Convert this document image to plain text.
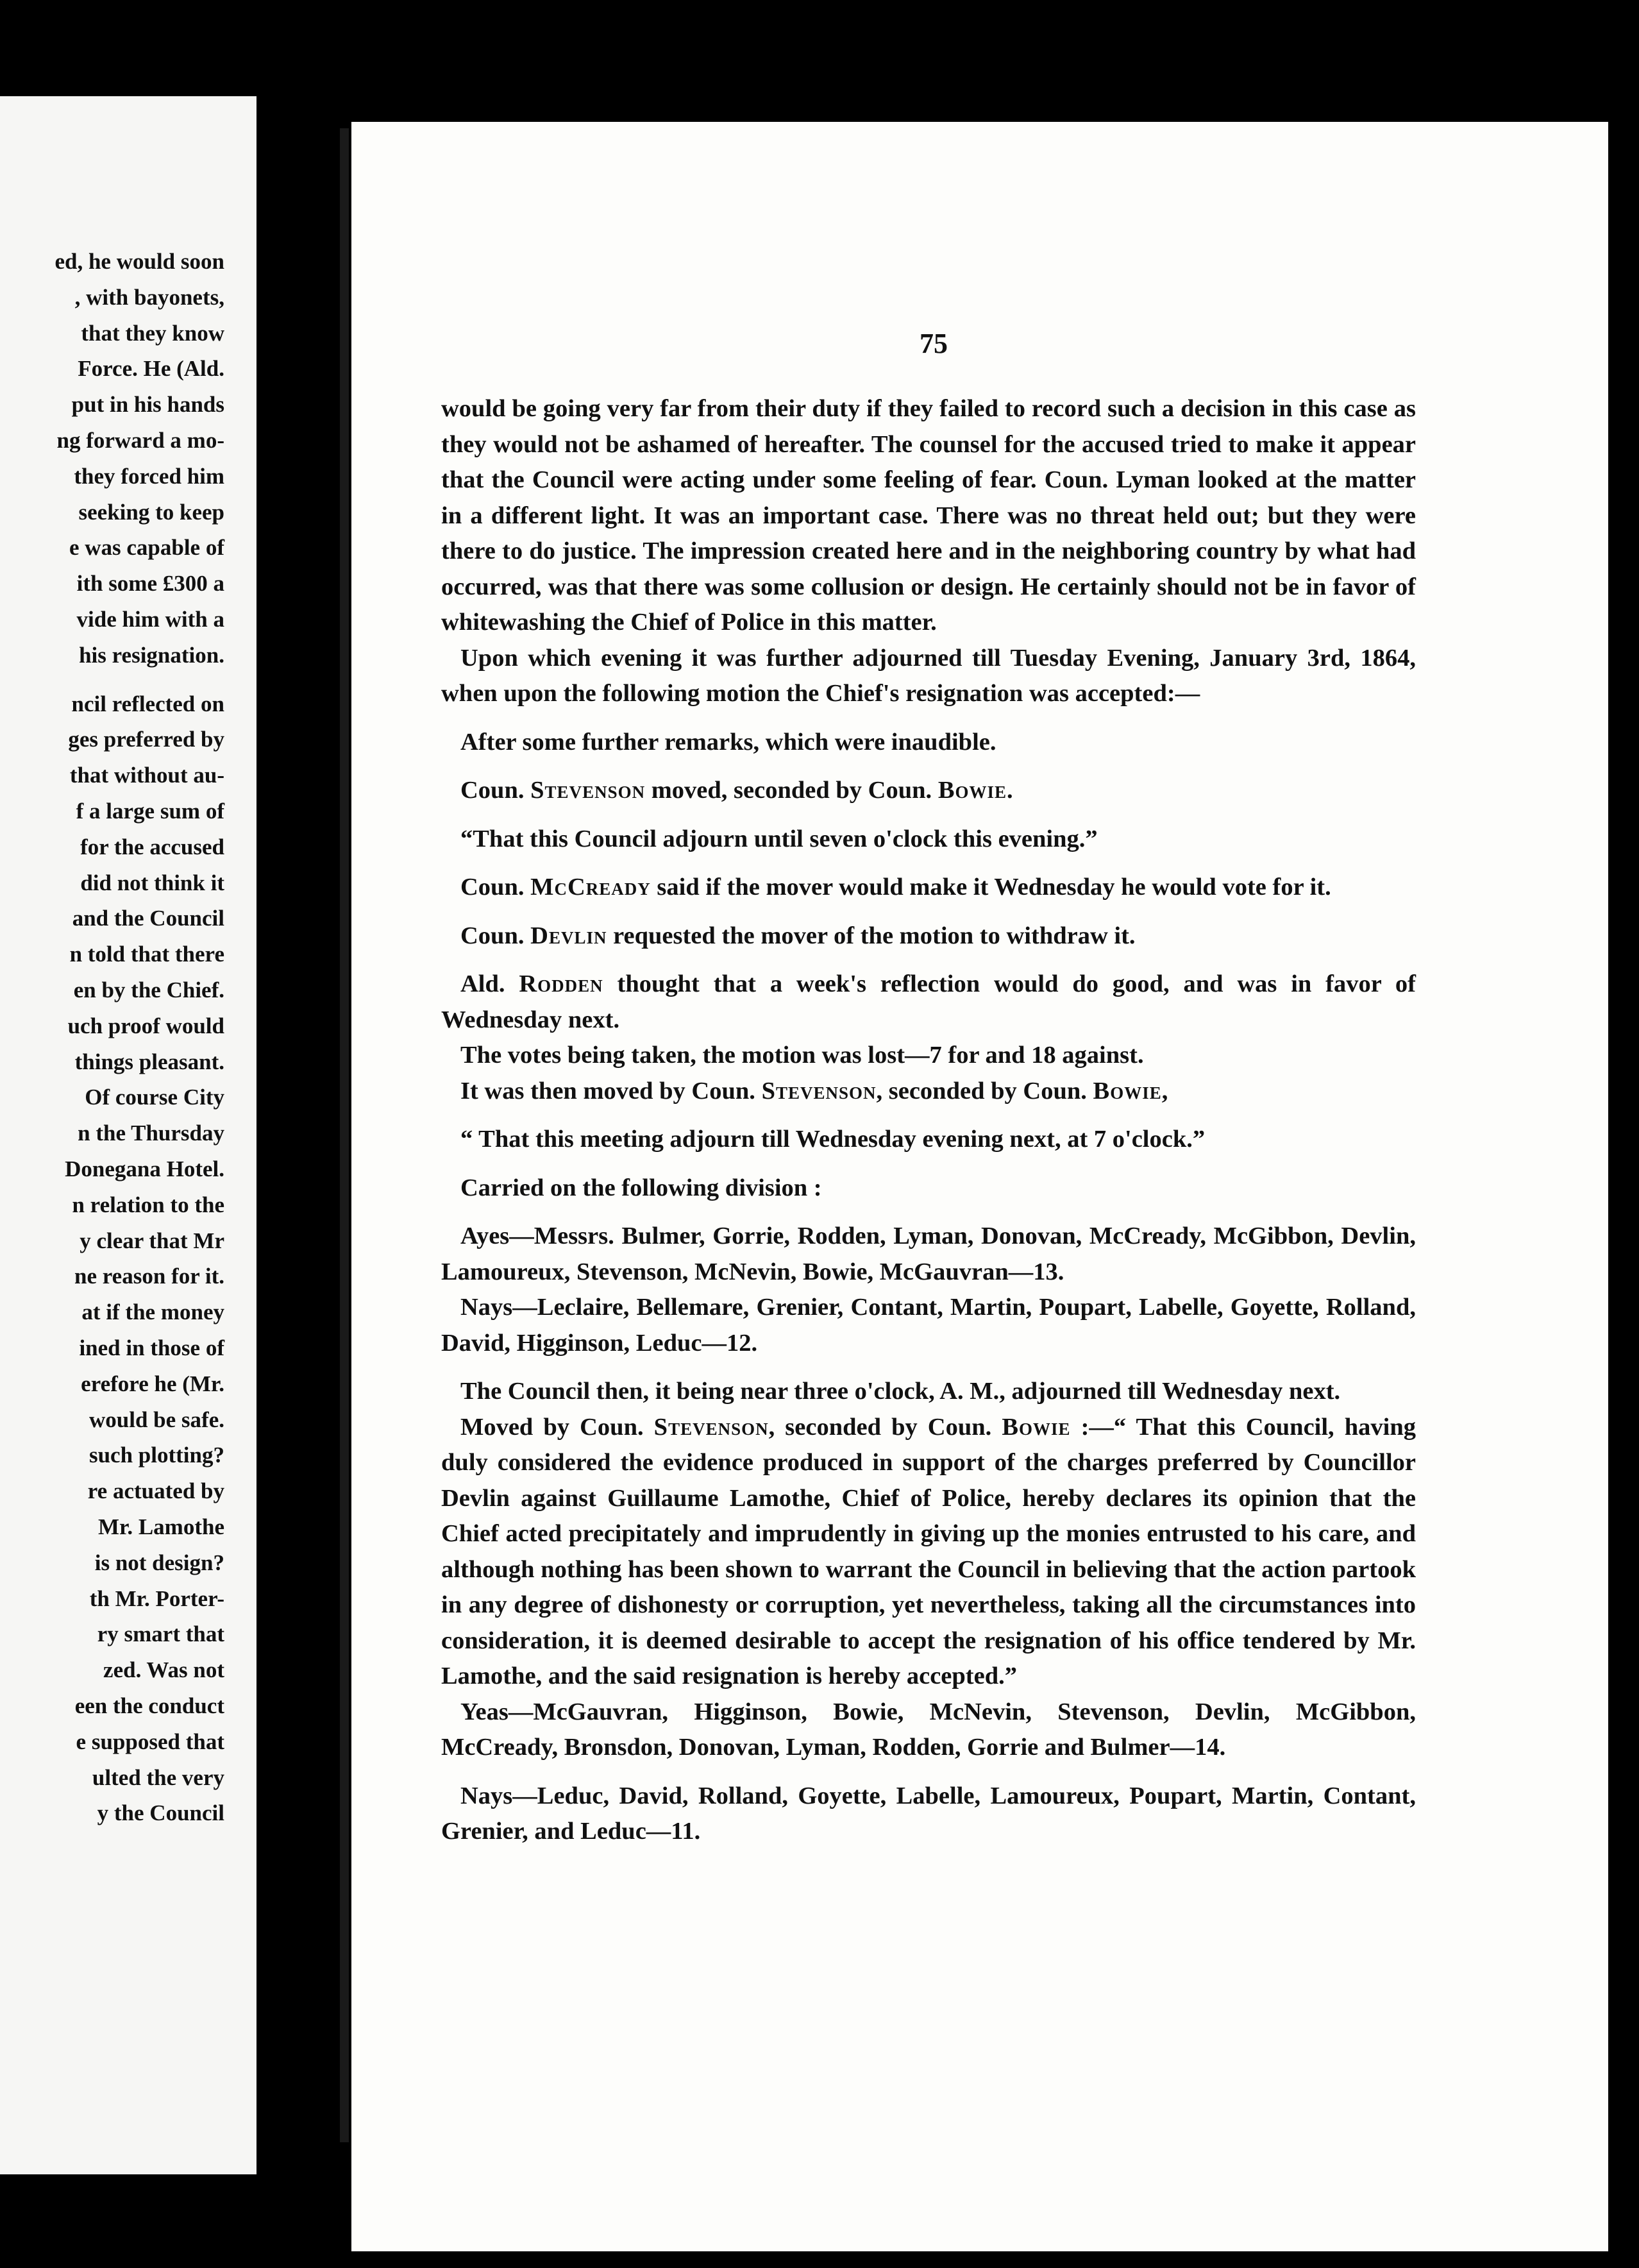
ed, he would soon
, with bayonets,
that they know
Force. He (Ald.
put in his hands
ng forward a mo-
they forced him
seeking to keep
e was capable of
ith some £300 a
vide him with a
his resignation.
ncil reflected on
ges preferred by
that without au-
f a large sum of
for the accused
did not think it
and the Council
n told that there
en by the Chief.
uch proof would
things pleasant.
Of course City
n the Thursday
Donegana Hotel.
n relation to the
y clear that Mr
ne reason for it.
at if the money
ined in those of
erefore he (Mr.
would be safe.
such plotting?
re actuated by
Mr. Lamothe
is not design?
th Mr. Porter-
ry smart that
zed. Was not
een the conduct
e supposed that
ulted the very
y the Council
75

would be going very far from their duty if they failed to record such a decision in this case as they would not be ashamed of hereafter. The counsel for the accused tried to make it appear that the Council were acting under some feeling of fear. Coun. Lyman looked at the matter in a different light. It was an important case. There was no threat held out; but they were there to do justice. The impression created here and in the neighboring country by what had occurred, was that there was some collusion or design. He certainly should not be in favor of whitewashing the Chief of Police in this matter.

Upon which evening it was further adjourned till Tuesday Evening, January 3rd, 1864, when upon the following motion the Chief's resignation was accepted:—

After some further remarks, which were inaudible.

Coun. Stevenson moved, seconded by Coun. Bowie.

“That this Council adjourn until seven o'clock this evening.”

Coun. McCready said if the mover would make it Wednesday he would vote for it.

Coun. Devlin requested the mover of the motion to withdraw it.

Ald. Rodden thought that a week's reflection would do good, and was in favor of Wednesday next.

The votes being taken, the motion was lost—7 for and 18 against.

It was then moved by Coun. Stevenson, seconded by Coun. Bowie,

“ That this meeting adjourn till Wednesday evening next, at 7 o'clock.”

Carried on the following division :

Ayes—Messrs. Bulmer, Gorrie, Rodden, Lyman, Donovan, McCready, McGibbon, Devlin, Lamoureux, Stevenson, McNevin, Bowie, McGauvran—13.

Nays—Leclaire, Bellemare, Grenier, Contant, Martin, Poupart, Labelle, Goyette, Rolland, David, Higginson, Leduc—12.

The Council then, it being near three o'clock, A. M., adjourned till Wednesday next.

Moved by Coun. Stevenson, seconded by Coun. Bowie :—“ That this Council, having duly considered the evidence produced in support of the charges preferred by Councillor Devlin against Guillaume Lamothe, Chief of Police, hereby declares its opinion that the Chief acted precipitately and imprudently in giving up the monies entrusted to his care, and although nothing has been shown to warrant the Council in believing that the action partook in any degree of dishonesty or corruption, yet nevertheless, taking all the circumstances into consideration, it is deemed desirable to accept the resignation of his office tendered by Mr. Lamothe, and the said resignation is hereby accepted.”

Yeas—McGauvran, Higginson, Bowie, McNevin, Stevenson, Devlin, McGibbon, McCready, Bronsdon, Donovan, Lyman, Rodden, Gorrie and Bulmer—14.

Nays—Leduc, David, Rolland, Goyette, Labelle, Lamoureux, Poupart, Martin, Contant, Grenier, and Leduc—11.
